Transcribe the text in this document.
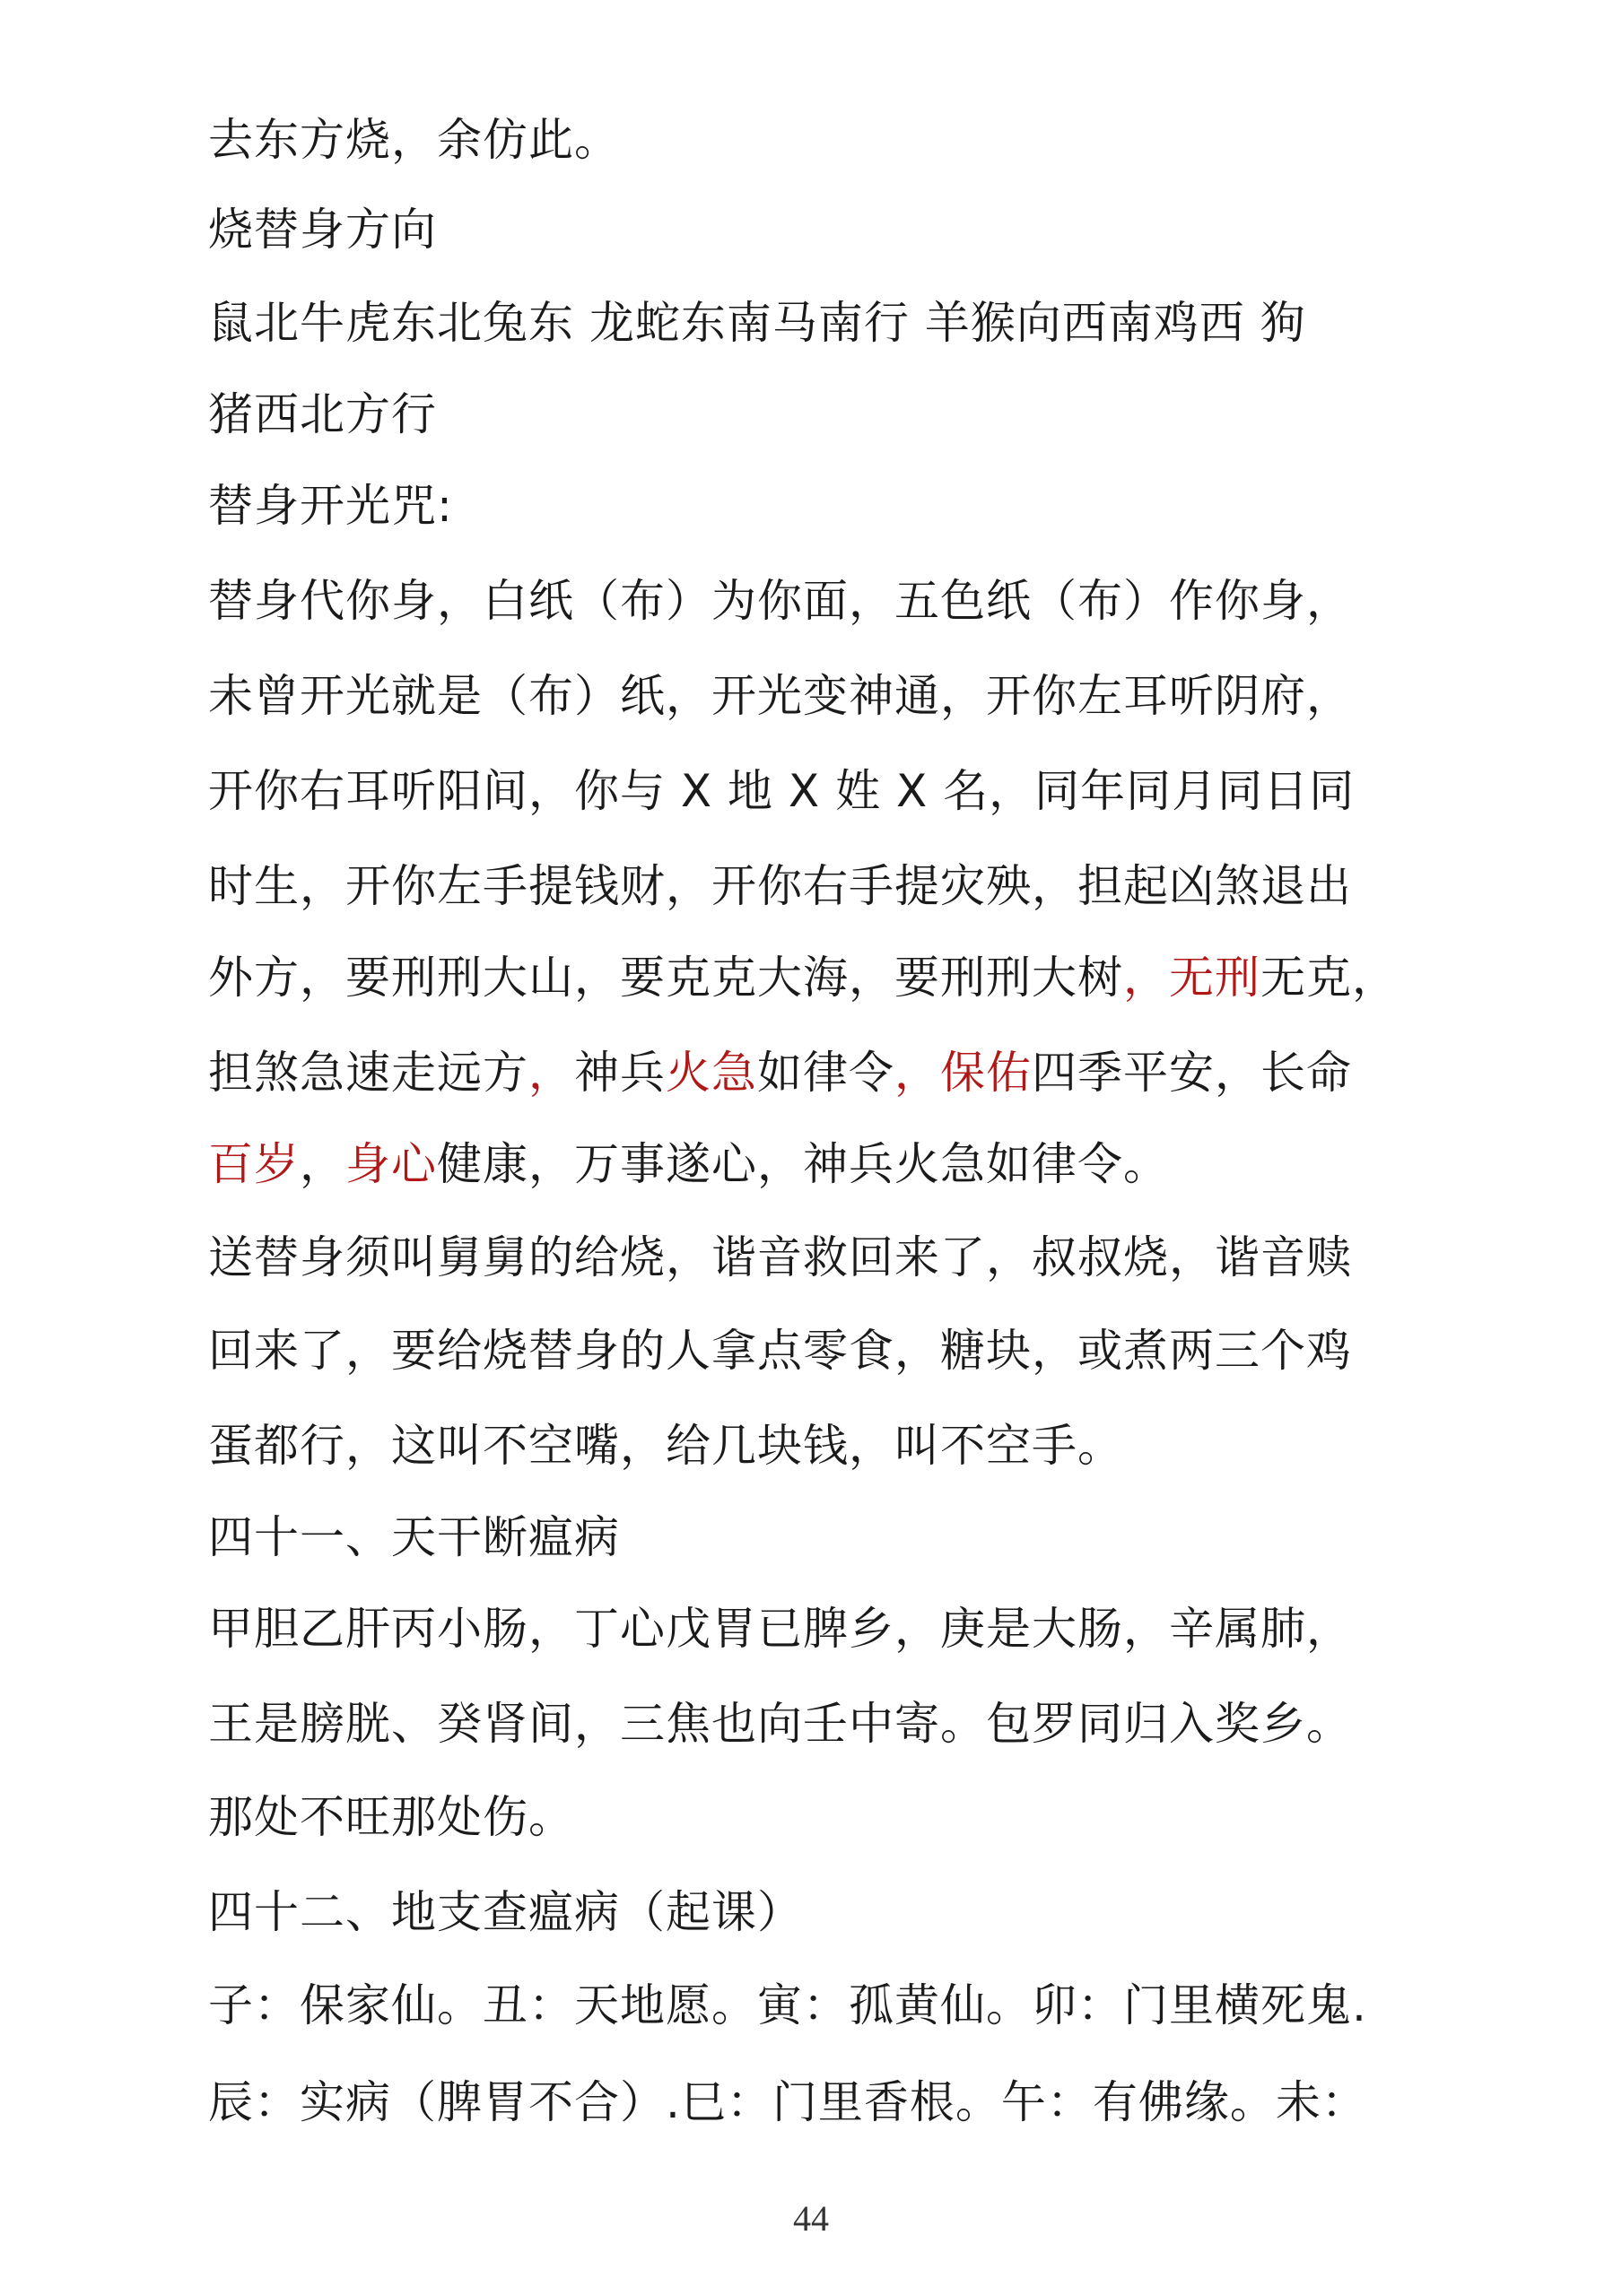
去东方烧，余仿此。
烧替身方向
鼠北牛虎东北兔东 龙蛇东南马南行 羊猴向西南鸡西 狗
猪西北方行
替身开光咒:
替身代你身，白纸（布）为你面，五色纸（布）作你身，
未曾开光就是（布）纸，开光变神通，开你左耳听阴府，
开你右耳听阳间，你与 X 地 X 姓 X 名，同年同月同日同
时生，开你左手提钱财，开你右手提灾殃，担起凶煞退出
外方，要刑刑大山，要克克大海，要刑刑大树，无刑无克，
担煞急速走远方，神兵火急如律令，保佑四季平安，长命
百岁，身心健康，万事遂心，神兵火急如律令。
送替身须叫舅舅的给烧，谐音救回来了，叔叔烧，谐音赎
回来了，要给烧替身的人拿点零食，糖块，或煮两三个鸡
蛋都行，这叫不空嘴，给几块钱，叫不空手。
四十一、天干断瘟病
甲胆乙肝丙小肠，丁心戊胃已脾乡，庚是大肠，辛属肺，
王是膀胱、癸肾间，三焦也向壬中寄。包罗同归入奖乡。
那处不旺那处伤。
四十二、地支查瘟病（起课）
子：保家仙。丑：天地愿。寅：孤黄仙。卯：门里横死鬼.
辰：实病（脾胃不合）.巳：门里香根。午：有佛缘。未：
44
